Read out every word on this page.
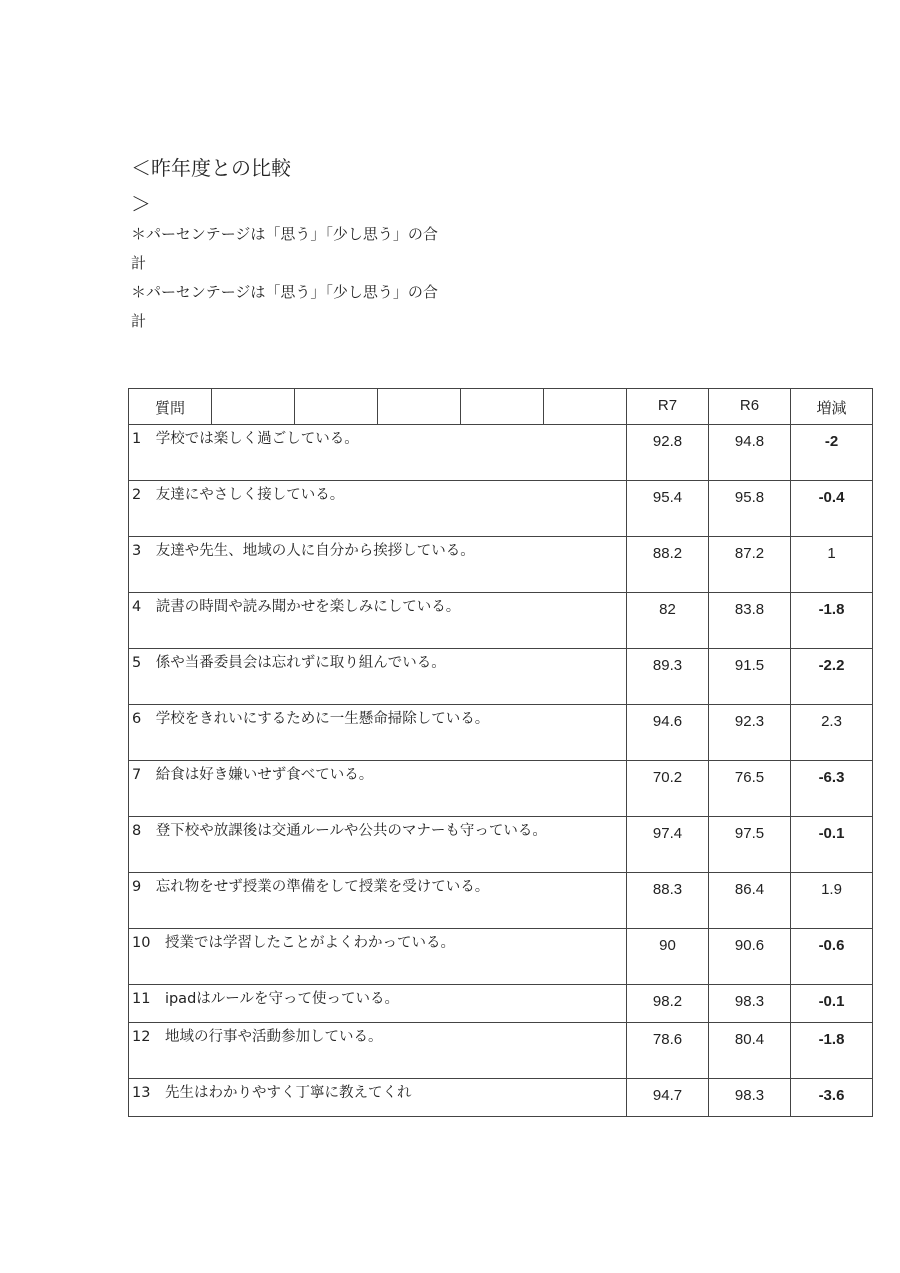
＜昨年度との比較＞
＊パーセンテージは「思う」「少し思う」の合計
＊パーセンテージは「思う」「少し思う」の合計
質問						R7	R6	増減
1　学校では楽しく過ごしている。						92.8	94.8	-2
2　友達にやさしく接している。						95.4	95.8	-0.4
3　友達や先生、地域の人に自分から挨拶している。						88.2	87.2	1
4　読書の時間や読み聞かせを楽しみにしている。						82	83.8	-1.8
5　係や当番委員会は忘れずに取り組んでいる。						89.3	91.5	-2.2
6　学校をきれいにするために一生懸命掃除している。						94.6	92.3	2.3
7　給食は好き嫌いせず食べている。						70.2	76.5	-6.3
8　登下校や放課後は交通ルールや公共のマナーも守っている。						97.4	97.5	-0.1
9　忘れ物をせず授業の準備をして授業を受けている。						88.3	86.4	1.9
10　授業では学習したことがよくわかっている。						90	90.6	-0.6
11　ipadはルールを守って使っている。						98.2	98.3	-0.1
12　地域の行事や活動参加している。						78.6	80.4	-1.8
13　先生はわかりやすく丁寧に教えてくれ						94.7	98.3	-3.6
